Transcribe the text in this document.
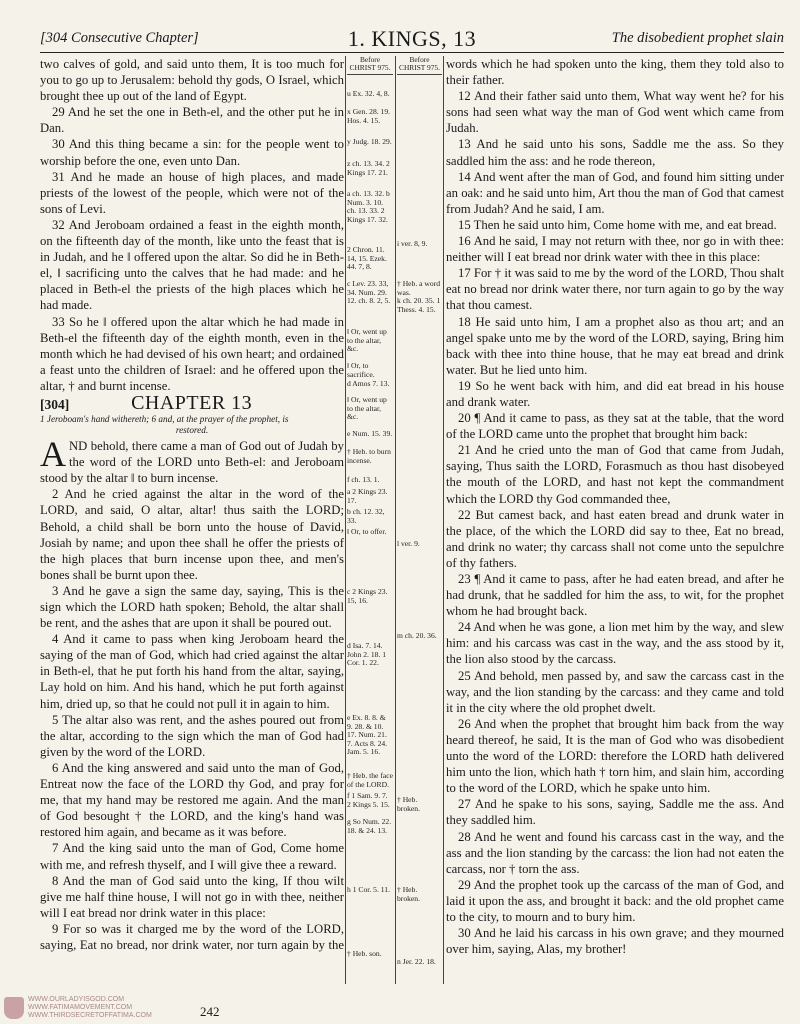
[304 Consecutive Chapter]	1. KINGS, 13	The disobedient prophet slain

two calves of gold, and said unto them, It is too much for you to go up to Jerusalem: behold thy gods, O Israel, which brought thee up out of the land of Egypt.

29 And he set the one in Beth-el, and the other put he in Dan.

30 And this thing became a sin: for the people went to worship before the one, even unto Dan.

31 And he made an house of high places, and made priests of the lowest of the people, which were not of the sons of Levi.

32 And Jeroboam ordained a feast in the eighth month, on the fifteenth day of the month, like unto the feast that is in Judah, and he ‖ offered upon the altar. So did he in Beth-el, ‖ sacrificing unto the calves that he had made: and he placed in Beth-el the priests of the high places which he had made.

33 So he ‖ offered upon the altar which he had made in Beth-el the fifteenth day of the eighth month, even in the month which he had devised of his own heart; and ordained a feast unto the children of Israel: and he offered upon the altar, † and burnt incense.

[304]	CHAPTER 13
1 Jeroboam's hand withereth; 6 and, at the prayer of the prophet, is
restored.

AND behold, there came a man of God out of Judah by the word of the LORD unto Beth-el: and Jeroboam stood by the altar ‖ to burn incense.

2 And he cried against the altar in the word of the LORD, and said, O altar, altar! thus saith the LORD; Behold, a child shall be born unto the house of David, Josiah by name; and upon thee shall he offer the priests of the high places that burn incense upon thee, and men's bones shall be burnt upon thee.

3 And he gave a sign the same day, saying, This is the sign which the LORD hath spoken; Behold, the altar shall be rent, and the ashes that are upon it shall be poured out.

4 And it came to pass when king Jeroboam heard the saying of the man of God, which had cried against the altar in Beth-el, that he put forth his hand from the altar, saying, Lay hold on him. And his hand, which he put forth against him, dried up, so that he could not pull it in again to him.

5 The altar also was rent, and the ashes poured out from the altar, according to the sign which the man of God had given by the word of the LORD.

6 And the king answered and said unto the man of God, Entreat now the face of the LORD thy God, and pray for me, that my hand may be restored me again. And the man of God besought † the LORD, and the king's hand was restored him again, and became as it was before.

7 And the king said unto the man of God, Come home with me, and refresh thyself, and I will give thee a reward.

8 And the man of God said unto the king, If thou wilt give me half thine house, I will not go in with thee, neither will I eat bread nor drink water in this place:

9 For so was it charged me by the word of the LORD, saying, Eat no bread, nor drink water, nor turn again by the

Before CHRIST 975.
u Ex. 32. 4, 8.
x Gen. 28. 19. Hos. 4. 15.
y Judg. 18. 29.
z ch. 13. 34. 2 Kings 17. 21.
a ch. 13. 32. b Num. 3. 10. ch. 13. 33. 2 Kings 17. 32.
2 Chron. 11. 14, 15. Ezek. 44. 7, 8.
c Lev. 23. 33, 34. Num. 29. 12. ch. 8. 2, 5.
‖ Or, went up to the altar, &c.
‖ Or, to sacrifice.
d Amos 7. 13.
‖ Or, went up to the altar, &c.
e Num. 15. 39.
† Heb. to burn incense.
f ch. 13. 1.
a 2 Kings 23. 17.
b ch. 12. 32, 33.
‖ Or, to offer.
c 2 Kings 23. 15, 16.
d Isa. 7. 14. John 2. 18. 1 Cor. 1. 22.
e Ex. 8. 8. & 9. 28. & 10. 17. Num. 21. 7. Acts 8. 24. Jam. 5. 16.
† Heb. the face of the LORD.
f 1 Sam. 9. 7. 2 Kings 5. 15.
g So Num. 22. 18. & 24. 13.
h 1 Cor. 5. 11.
† Heb. son.
Before CHRIST 975.
i ver. 8, 9.
† Heb. a word was.
k ch. 20. 35. 1 Thess. 4. 15.
l ver. 9.
m ch. 20. 36.
† Heb. broken.
† Heb. broken.
n Jer. 22. 18.

words which he had spoken unto the king, them they told also to their father.

12 And their father said unto them, What way went he? for his sons had seen what way the man of God went which came from Judah.

13 And he said unto his sons, Saddle me the ass. So they saddled him the ass: and he rode thereon,

14 And went after the man of God, and found him sitting under an oak: and he said unto him, Art thou the man of God that camest from Judah? And he said, I am.

15 Then he said unto him, Come home with me, and eat bread.

16 And he said, I may not return with thee, nor go in with thee: neither will I eat bread nor drink water with thee in this place:

17 For † it was said to me by the word of the LORD, Thou shalt eat no bread nor drink water there, nor turn again to go by the way that thou camest.

18 He said unto him, I am a prophet also as thou art; and an angel spake unto me by the word of the LORD, saying, Bring him back with thee into thine house, that he may eat bread and drink water. But he lied unto him.

19 So he went back with him, and did eat bread in his house and drank water.

20 ¶ And it came to pass, as they sat at the table, that the word of the LORD came unto the prophet that brought him back:

21 And he cried unto the man of God that came from Judah, saying, Thus saith the LORD, Forasmuch as thou hast disobeyed the mouth of the LORD, and hast not kept the commandment which the LORD thy God commanded thee,

22 But camest back, and hast eaten bread and drunk water in the place, of the which the LORD did say to thee, Eat no bread, and drink no water; thy carcass shall not come unto the sepulchre of thy fathers.

23 ¶ And it came to pass, after he had eaten bread, and after he had drunk, that he saddled for him the ass, to wit, for the prophet whom he had brought back.

24 And when he was gone, a lion met him by the way, and slew him: and his carcass was cast in the way, and the ass stood by it, the lion also stood by the carcass.

25 And behold, men passed by, and saw the carcass cast in the way, and the lion standing by the carcass: and they came and told it in the city where the old prophet dwelt.

26 And when the prophet that brought him back from the way heard thereof, he said, It is the man of God who was disobedient unto the word of the LORD: therefore the LORD hath delivered him unto the lion, which hath † torn him, and slain him, according to the word of the LORD, which he spake unto him.

27 And he spake to his sons, saying, Saddle me the ass. And they saddled him.

28 And he went and found his carcass cast in the way, and the ass and the lion standing by the carcass: the lion had not eaten the carcass, nor † torn the ass.

29 And the prophet took up the carcass of the man of God, and laid it upon the ass, and brought it back: and the old prophet came to the city, to mourn and to bury him.

30 And he laid his carcass in his own grave; and they mourned over him, saying, Alas, my brother!

WWW.OURLADYISGOD.COM
WWW.FATIMAMOVEMENT.COM
WWW.THIRDSECRETOFFATIMA.COM	242
